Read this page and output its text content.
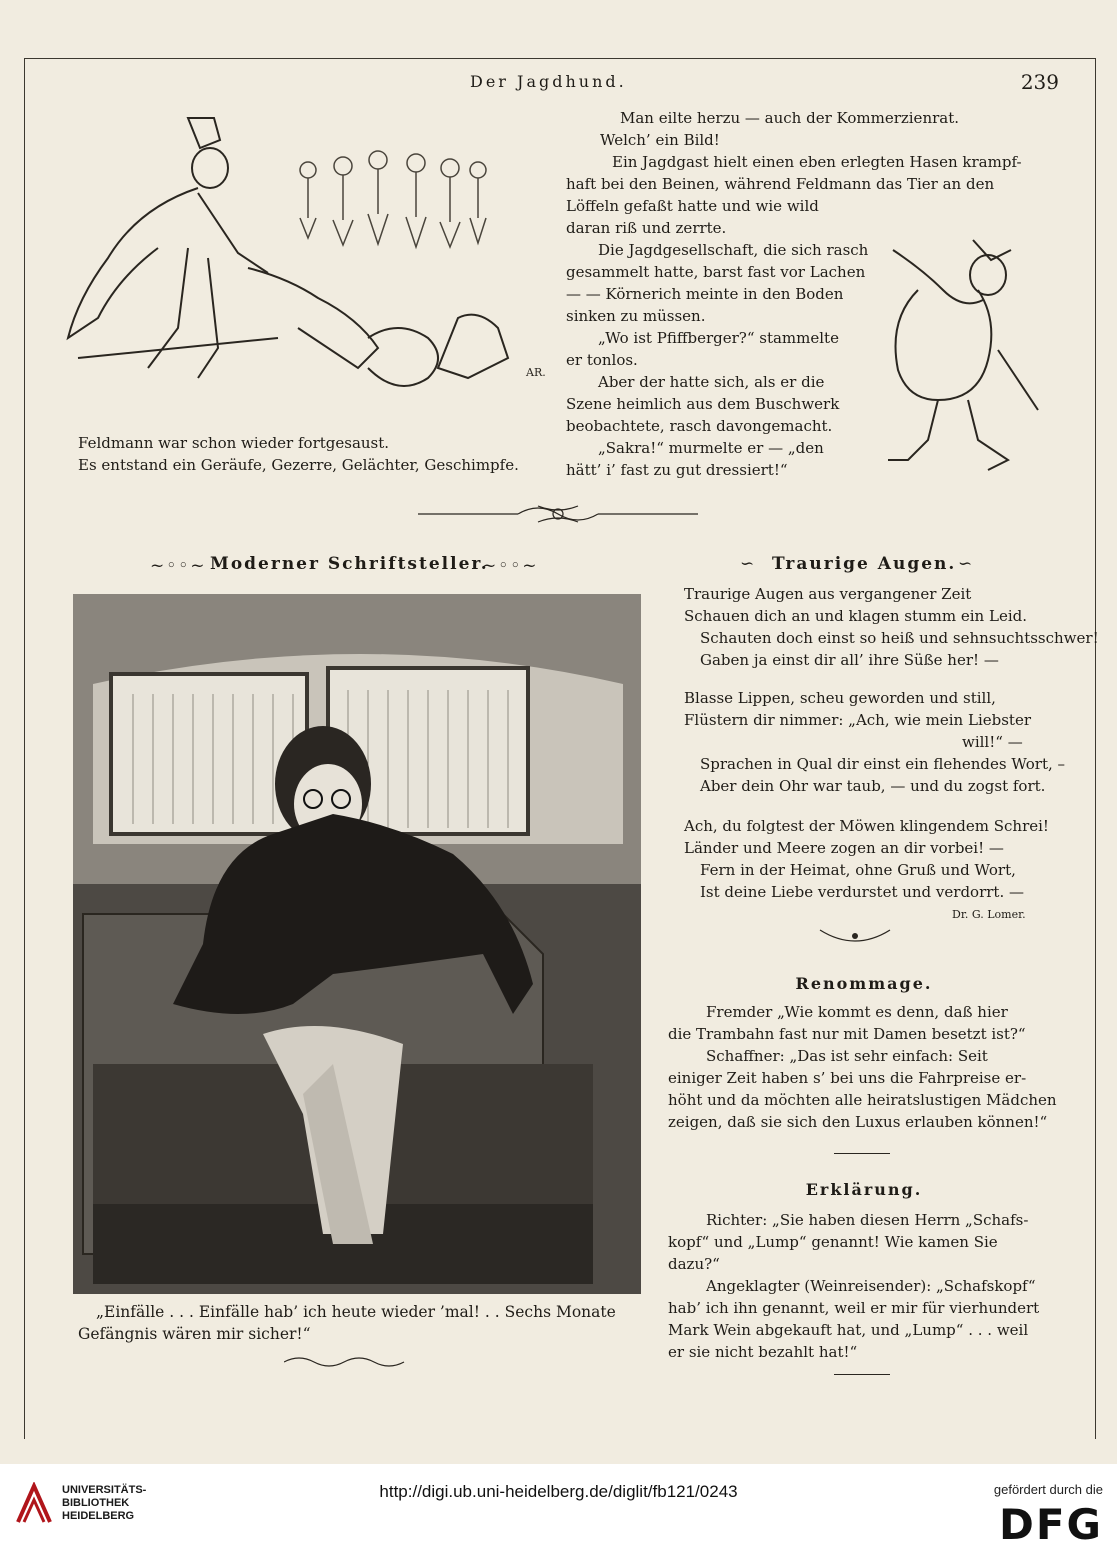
Der Jagdhund.	239
AR.
Man eilte herzu — auch der Kommerzienrat.
Welch’ ein Bild!
Ein Jagdgast hielt einen eben erlegten Hasen krampf-
haft bei den Beinen, während Feldmann das Tier an den
Löffeln gefaßt hatte und wie wild
daran riß und zerrte.
Die Jagdgesellschaft, die sich rasch
gesammelt hatte, barst fast vor Lachen
— — Körnerich meinte in den Boden
sinken zu müssen.
„Wo ist Pfiffberger?“ stammelte
er tonlos.
Aber der hatte sich, als er die
Szene heimlich aus dem Buschwerk
beobachtete, rasch davongemacht.
„Sakra!“ murmelte er — „den
hätt’ i’ fast zu gut dressiert!“
Feldmann war schon wieder fortgesaust.
Es entstand ein Geräufe, Gezerre, Gelächter, Geschimpfe.
~◦◦~ Moderner Schriftsteller.
~◦◦~
„Einfälle . . . Einfälle hab’ ich heute wieder ’mal! . . Sechs Monate
Gefängnis wären mir sicher!“
∽ Traurige Augen. ∽
Traurige Augen aus vergangener Zeit
Schauen dich an und klagen stumm ein Leid.
Schauten doch einst so heiß und sehnsuchtsschwer!
Gaben ja einst dir all’ ihre Süße her! —
Blasse Lippen, scheu geworden und still,
Flüstern dir nimmer: „Ach, wie mein Liebster
will!“ —
Sprachen in Qual dir einst ein flehendes Wort, –
Aber dein Ohr war taub, — und du zogst fort.
Ach, du folgtest der Möwen klingendem Schrei!
Länder und Meere zogen an dir vorbei! —
Fern in der Heimat, ohne Gruß und Wort,
Ist deine Liebe verdurstet und verdorrt. —
Dr. G. Lomer.
Renommage.
Fremder „Wie kommt es denn, daß hier
die Trambahn fast nur mit Damen besetzt ist?“
Schaffner: „Das ist sehr einfach: Seit
einiger Zeit haben s’ bei uns die Fahrpreise er-
höht und da möchten alle heiratslustigen Mädchen
zeigen, daß sie sich den Luxus erlauben können!“
Erklärung.
Richter: „Sie haben diesen Herrn „Schafs-
kopf“ und „Lump“ genannt! Wie kamen Sie
dazu?“
Angeklagter (Weinreisender): „Schafskopf“
hab’ ich ihn genannt, weil er mir für vierhundert
Mark Wein abgekauft hat, und „Lump“ . . . weil
er sie nicht bezahlt hat!“
UNIVERSITÄTS-
BIBLIOTHEK
HEIDELBERG
http://digi.ub.uni-heidelberg.de/diglit/fb121/0243	gefördert durch die
DFG
